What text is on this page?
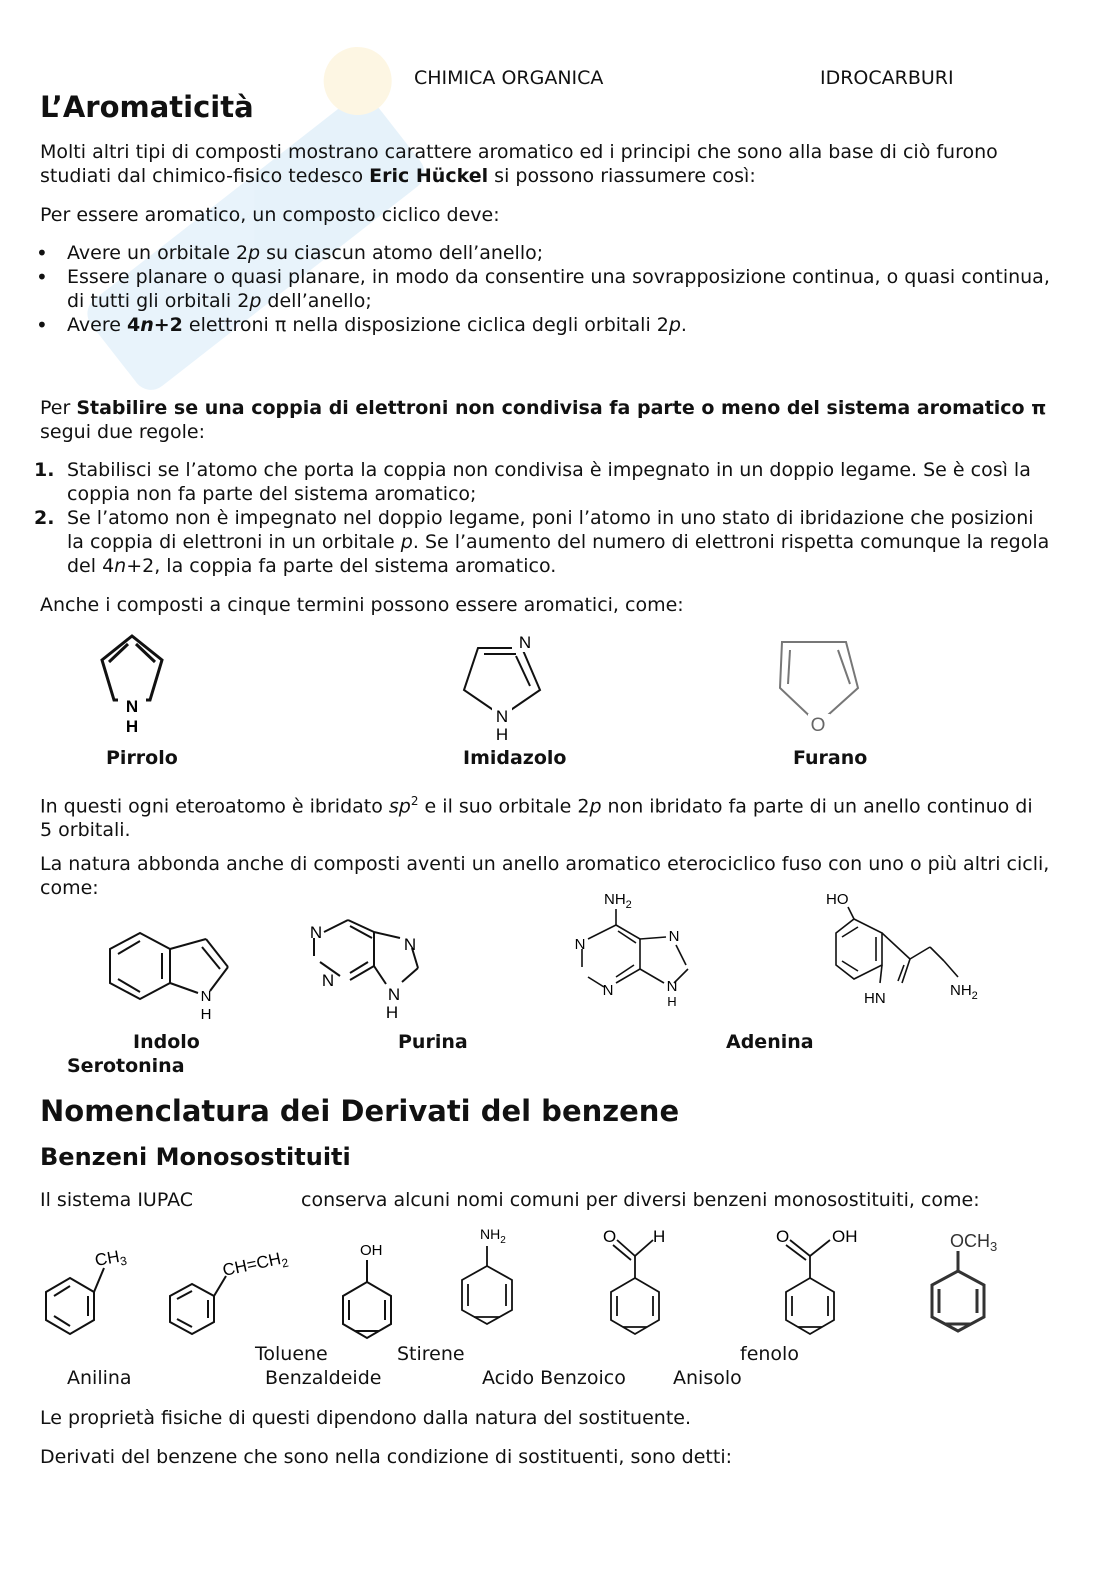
CHIMICA ORGANICA	IDROCARBURI
L’Aromaticità

Molti altri tipi di composti mostrano carattere aromatico ed i principi che sono alla base di ciò furono studiati dal chimico-fisico tedesco Eric Hückel si possono riassumere così:

Per essere aromatico, un composto ciclico deve:

• Avere un orbitale 2p su ciascun atomo dell’anello;
• Essere planare o quasi planare, in modo da consentire una sovrapposizione continua, o quasi continua, di tutti gli orbitali 2p dell’anello;
• Avere 4n+2 elettroni π nella disposizione ciclica degli orbitali 2p.

Per Stabilire se una coppia di elettroni non condivisa fa parte o meno del sistema aromatico π segui due regole:

1. Stabilisci se l’atomo che porta la coppia non condivisa è impegnato in un doppio legame. Se è così la coppia non fa parte del sistema aromatico;
2. Se l’atomo non è impegnato nel doppio legame, poni l’atomo in uno stato di ibridazione che posizioni la coppia di elettroni in un orbitale p. Se l’aumento del numero di elettroni rispetta comunque la regola del 4n+2, la coppia fa parte del sistema aromatico.

Anche i composti a cinque termini possono essere aromatici, come:

N
H
N
N
H	O
Pirrolo	Imidazolo	Furano

In questi ogni eteroatomo è ibridato $sp^2$ e il suo orbitale 2p non ibridato fa parte di un anello continuo di 5 orbitali.

La natura abbonda anche di composti aventi un anello aromatico eterociclico fuso con uno o più altri cicli, come:

N
H
N
N
N
N
H
$NH_2$
N	N
N	N
H
HO
HN	$NH_2$
Indolo	Purina	Adenina
Serotonina
Nomenclatura dei Derivati del benzene
Benzeni Monosostituiti
Il sistema IUPAC	conserva alcuni nomi comuni per diversi benzeni monosostituiti, come:
$CH_3$	$CH=CH_2$
OH
$NH_2$	O H	O	OH	$OCH_3$
Toluene	Stirene	fenolo
Anilina	Benzaldeide	Acido Benzoico Anisolo

Le proprietà fisiche di questi dipendono dalla natura del sostituente.

Derivati del benzene che sono nella condizione di sostituenti, sono detti:
